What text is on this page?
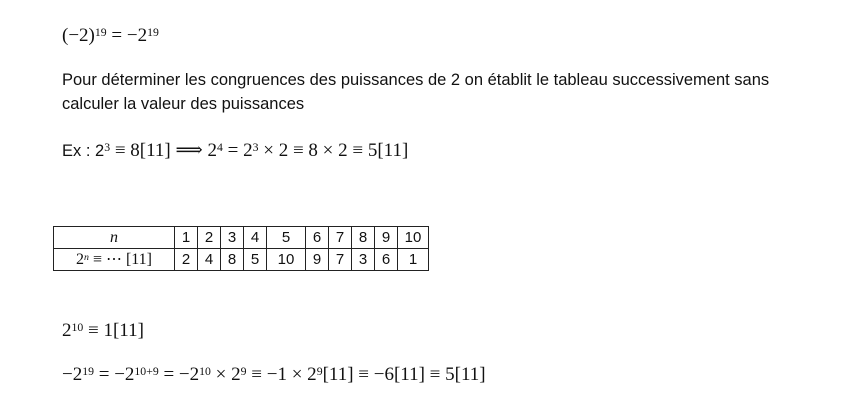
$(-2)^{19} = -2^{19}$
Pour déterminer les congruences des puissances de 2 on établit le tableau successivement sans
calculer la valeur des puissances
Ex : $2^3 \equiv 8[11]$ ⟹ $2^4 = 2^3 \times 2 \equiv 8 \times 2 \equiv 5[11]$
n	1	2	3	4	5	6	7	8	9	10
$2^n$ ≡ ⋯ [11]	2	4	8	5	10	9	7	3	6	1
$2^{10} \equiv 1[11]$
$-2^{19} = -2^{10+9} = -2^{10} \times 2^9 \equiv -1 \times 2^9[11] \equiv -6[11] \equiv 5[11]$
